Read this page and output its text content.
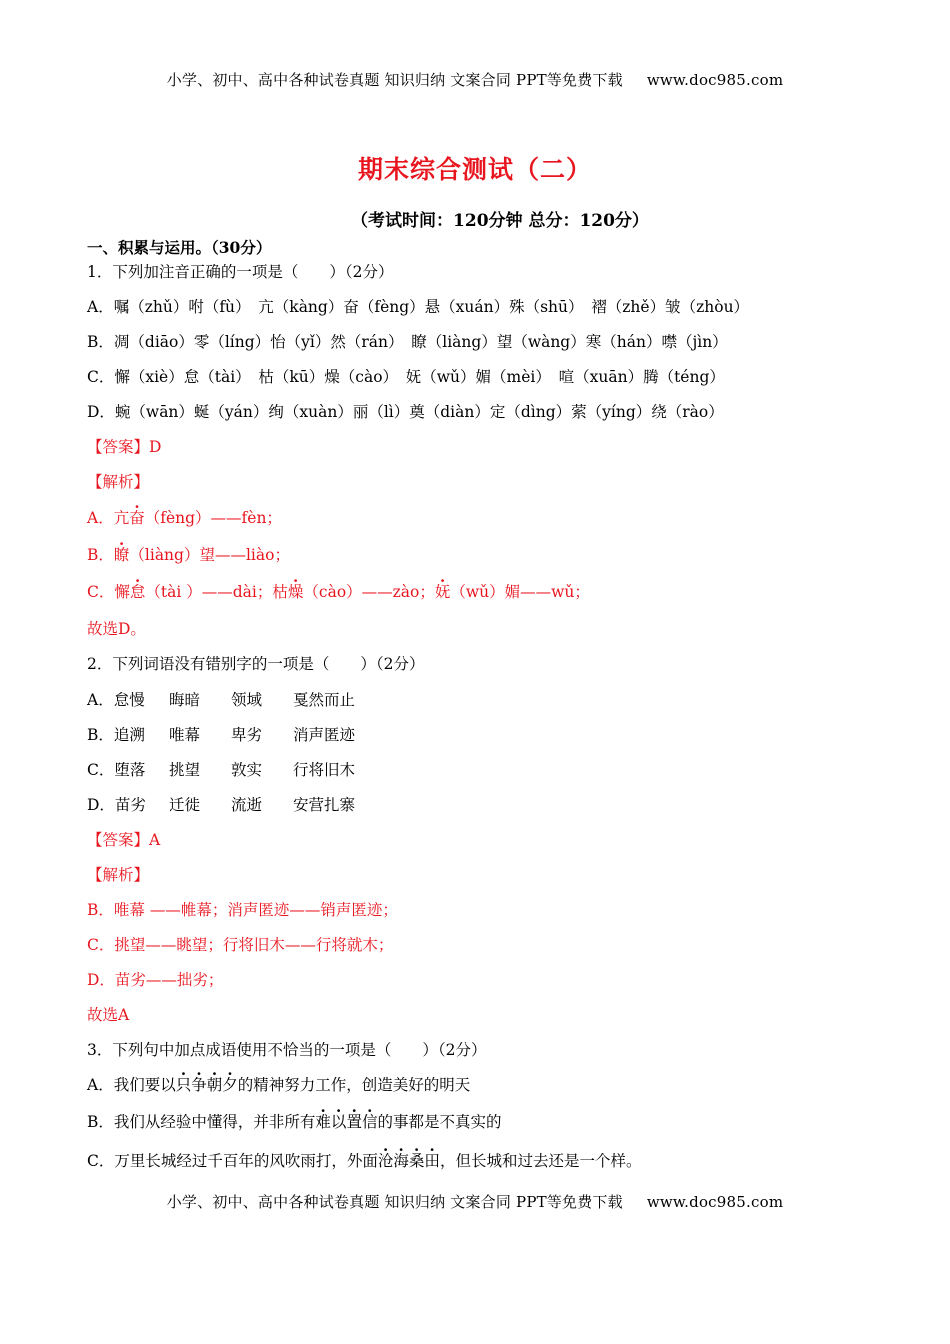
小学、初中、高中各种试卷真题 知识归纳 文案合同 PPT等免费下载 www.doc985.com
期末综合测试（二）
（考试时间：120分钟 总分：120分）
一、积累与运用。（30分）
1．下列加注音正确的一项是（　　）（2分）
A．嘱（zhǔ）咐（fù）　亢（kàng）奋（fèng）悬（xuán）殊（shū）　褶（zhě）皱（zhòu）
B．凋（diāo）零（líng）怡（yǐ）然（rán）　瞭（liàng）望（wàng）寒（hán）噤（jìn）
C．懈（xiè）怠（tài）　枯（kū）燥（cào）　妩（wǔ）媚（mèi）　喧（xuān）腾（téng）
D．蜿（wān）蜒（yán）绚（xuàn）丽（lì）奠（diàn）定（dìng）萦（yíng）绕（rào）
【答案】D
【解析】
A．亢奋（fèng）——fèn；
B．瞭（liàng）望——liào；
C．懈怠（tài ）——dài；枯燥（cào）——zào；妩（wǔ）媚——wǔ；
故选D。
2．下列词语没有错别字的一项是（　　）（2分）
A．怠慢 晦暗 领域 戛然而止
B．追溯 唯幕 卑劣 消声匿迹
C．堕落 挑望 敦实 行将旧木
D．苗劣 迁徙 流逝 安营扎寨
【答案】A
【解析】
B．唯幕 ——帷幕；消声匿迹——销声匿迹；
C．挑望——眺望；行将旧木——行将就木；
D．苗劣——拙劣；
故选A
3．下列句中加点成语使用不恰当的一项是（　　）（2分）
A．我们要以只争朝夕的精神努力工作，创造美好的明天
B．我们从经验中懂得，并非所有难以置信的事都是不真实的
C．万里长城经过千百年的风吹雨打，外面沧海桑田，但长城和过去还是一个样。
小学、初中、高中各种试卷真题 知识归纳 文案合同 PPT等免费下载 www.doc985.com
